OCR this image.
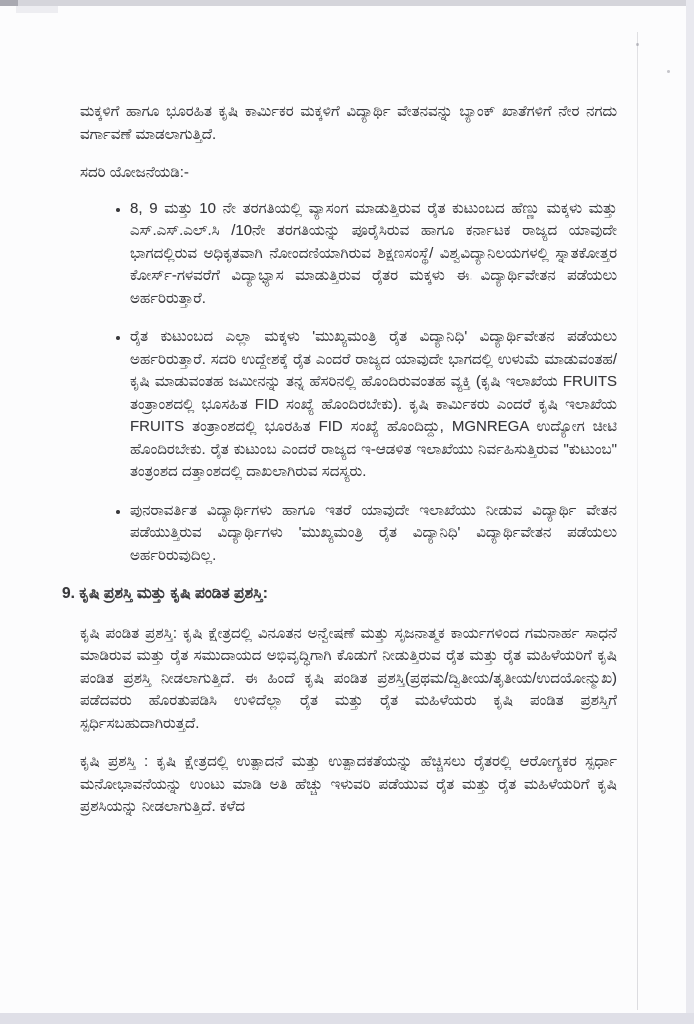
ಮಕ್ಕಳಿಗೆ ಹಾಗೂ ಭೂರಹಿತ ಕೃಷಿ ಕಾರ್ಮಿಕರ ಮಕ್ಕಳಿಗೆ ವಿದ್ಯಾರ್ಥಿ ವೇತನವನ್ನು ಬ್ಯಾಂಕ್ ಖಾತೆಗಳಿಗೆ ನೇರ ನಗದು ವರ್ಗಾವಣೆ ಮಾಡಲಾಗುತ್ತಿದೆ.

ಸದರಿ ಯೋಜನೆಯಡಿ:-

• 8, 9 ಮತ್ತು 10 ನೇ ತರಗತಿಯಲ್ಲಿ ವ್ಯಾಸಂಗ ಮಾಡುತ್ತಿರುವ ರೈತ ಕುಟುಂಬದ ಹೆಣ್ಣು ಮಕ್ಕಳು ಮತ್ತು ಎಸ್.ಎಸ್.ಎಲ್.ಸಿ /10ನೇ ತರಗತಿಯನ್ನು ಪೂರೈಸಿರುವ ಹಾಗೂ ಕರ್ನಾಟಕ ರಾಜ್ಯದ ಯಾವುದೇ ಭಾಗದಲ್ಲಿರುವ ಅಧಿಕೃತವಾಗಿ ನೋಂದಣಿಯಾಗಿರುವ ಶಿಕ್ಷಣಸಂಸ್ಥೆ/ ವಿಶ್ವವಿದ್ಯಾನಿಲಯಗಳಲ್ಲಿ ಸ್ನಾತಕೋತ್ತರ ಕೋರ್ಸ್-ಗಳವರೆಗೆ ವಿದ್ಯಾಭ್ಯಾಸ ಮಾಡುತ್ತಿರುವ ರೈತರ ಮಕ್ಕಳು ಈ ವಿದ್ಯಾರ್ಥಿವೇತನ ಪಡೆಯಲು ಅರ್ಹರಿರುತ್ತಾರೆ.
• ರೈತ ಕುಟುಂಬದ ಎಲ್ಲಾ ಮಕ್ಕಳು 'ಮುಖ್ಯಮಂತ್ರಿ ರೈತ ವಿದ್ಯಾನಿಧಿ' ವಿದ್ಯಾರ್ಥಿವೇತನ ಪಡೆಯಲು ಅರ್ಹರಿರುತ್ತಾರೆ. ಸದರಿ ಉದ್ದೇಶಕ್ಕೆ ರೈತ ಎಂದರೆ ರಾಜ್ಯದ ಯಾವುದೇ ಭಾಗದಲ್ಲಿ ಉಳುಮೆ ಮಾಡುವಂತಹ/ ಕೃಷಿ ಮಾಡುವಂತಹ ಜಮೀನನ್ನು ತನ್ನ ಹೆಸರಿನಲ್ಲಿ ಹೊಂದಿರುವಂತಹ ವ್ಯಕ್ತಿ (ಕೃಷಿ ಇಲಾಖೆಯ FRUITS ತಂತ್ರಾಂಶದಲ್ಲಿ ಭೂಸಹಿತ FID ಸಂಖ್ಯೆ ಹೊಂದಿರಬೇಕು). ಕೃಷಿ ಕಾರ್ಮಿಕರು ಎಂದರೆ ಕೃಷಿ ಇಲಾಖೆಯ FRUITS ತಂತ್ರಾಂಶದಲ್ಲಿ ಭೂರಹಿತ FID ಸಂಖ್ಯೆ ಹೊಂದಿದ್ದು, MGNREGA ಉದ್ಯೋಗ ಚೀಟಿ ಹೊಂದಿರಬೇಕು. ರೈತ ಕುಟುಂಬ ಎಂದರೆ ರಾಜ್ಯದ ಇ-ಆಡಳಿತ ಇಲಾಖೆಯು ನಿರ್ವಹಿಸುತ್ತಿರುವ "ಕುಟುಂಬ" ತಂತ್ರಂಶದ ದತ್ತಾಂಶದಲ್ಲಿ ದಾಖಲಾಗಿರುವ ಸದಸ್ಯರು.
• ಪುನರಾವರ್ತಿತ ವಿದ್ಯಾರ್ಥಿಗಳು ಹಾಗೂ ಇತರೆ ಯಾವುದೇ ಇಲಾಖೆಯು ನೀಡುವ ವಿದ್ಯಾರ್ಥಿ ವೇತನ ಪಡೆಯುತ್ತಿರುವ ವಿದ್ಯಾರ್ಥಿಗಳು 'ಮುಖ್ಯಮಂತ್ರಿ ರೈತ ವಿದ್ಯಾನಿಧಿ' ವಿದ್ಯಾರ್ಥಿವೇತನ ಪಡೆಯಲು ಅರ್ಹರಿರುವುದಿಲ್ಲ.
9. ಕೃಷಿ ಪ್ರಶಸ್ತಿ ಮತ್ತು ಕೃಷಿ ಪಂಡಿತ ಪ್ರಶಸ್ತಿ:

ಕೃಷಿ ಪಂಡಿತ ಪ್ರಶಸ್ತಿ: ಕೃಷಿ ಕ್ಷೇತ್ರದಲ್ಲಿ ವಿನೂತನ ಅನ್ವೇಷಣೆ ಮತ್ತು ಸೃಜನಾತ್ಮಕ ಕಾರ್ಯಗಳಿಂದ ಗಮನಾರ್ಹ ಸಾಧನೆ ಮಾಡಿರುವ ಮತ್ತು ರೈತ ಸಮುದಾಯದ ಅಭಿವೃದ್ಧಿಗಾಗಿ ಕೊಡುಗೆ ನೀಡುತ್ತಿರುವ ರೈತ ಮತ್ತು ರೈತ ಮಹಿಳೆಯರಿಗೆ ಕೃಷಿ ಪಂಡಿತ ಪ್ರಶಸ್ತಿ ನೀಡಲಾಗುತ್ತಿದೆ. ಈ ಹಿಂದೆ ಕೃಷಿ ಪಂಡಿತ ಪ್ರಶಸ್ತಿ(ಪ್ರಥಮ/ದ್ವಿತೀಯ/ತೃತೀಯ/ಉದಯೋನ್ಮುಖ) ಪಡೆದವರು ಹೊರತುಪಡಿಸಿ ಉಳಿದೆಲ್ಲಾ ರೈತ ಮತ್ತು ರೈತ ಮಹಿಳೆಯರು ಕೃಷಿ ಪಂಡಿತ ಪ್ರಶಸ್ತಿಗೆ ಸ್ಪರ್ಧಿಸಬಹುದಾಗಿರುತ್ತದೆ.

ಕೃಷಿ ಪ್ರಶಸ್ತಿ : ಕೃಷಿ ಕ್ಷೇತ್ರದಲ್ಲಿ ಉತ್ಪಾದನೆ ಮತ್ತು ಉತ್ಪಾದಕತೆಯನ್ನು ಹೆಚ್ಚಿಸಲು ರೈತರಲ್ಲಿ ಆರೋಗ್ಯಕರ ಸ್ಪರ್ಧಾ ಮನೋಭಾವನೆಯನ್ನು ಉಂಟು ಮಾಡಿ ಅತಿ ಹೆಚ್ಚು ಇಳುವರಿ ಪಡೆಯುವ ರೈತ ಮತ್ತು ರೈತ ಮಹಿಳೆಯರಿಗೆ ಕೃಷಿ ಪ್ರಶಸಿಯನ್ನು ನೀಡಲಾಗುತ್ತಿದೆ. ಕಳೆದ
